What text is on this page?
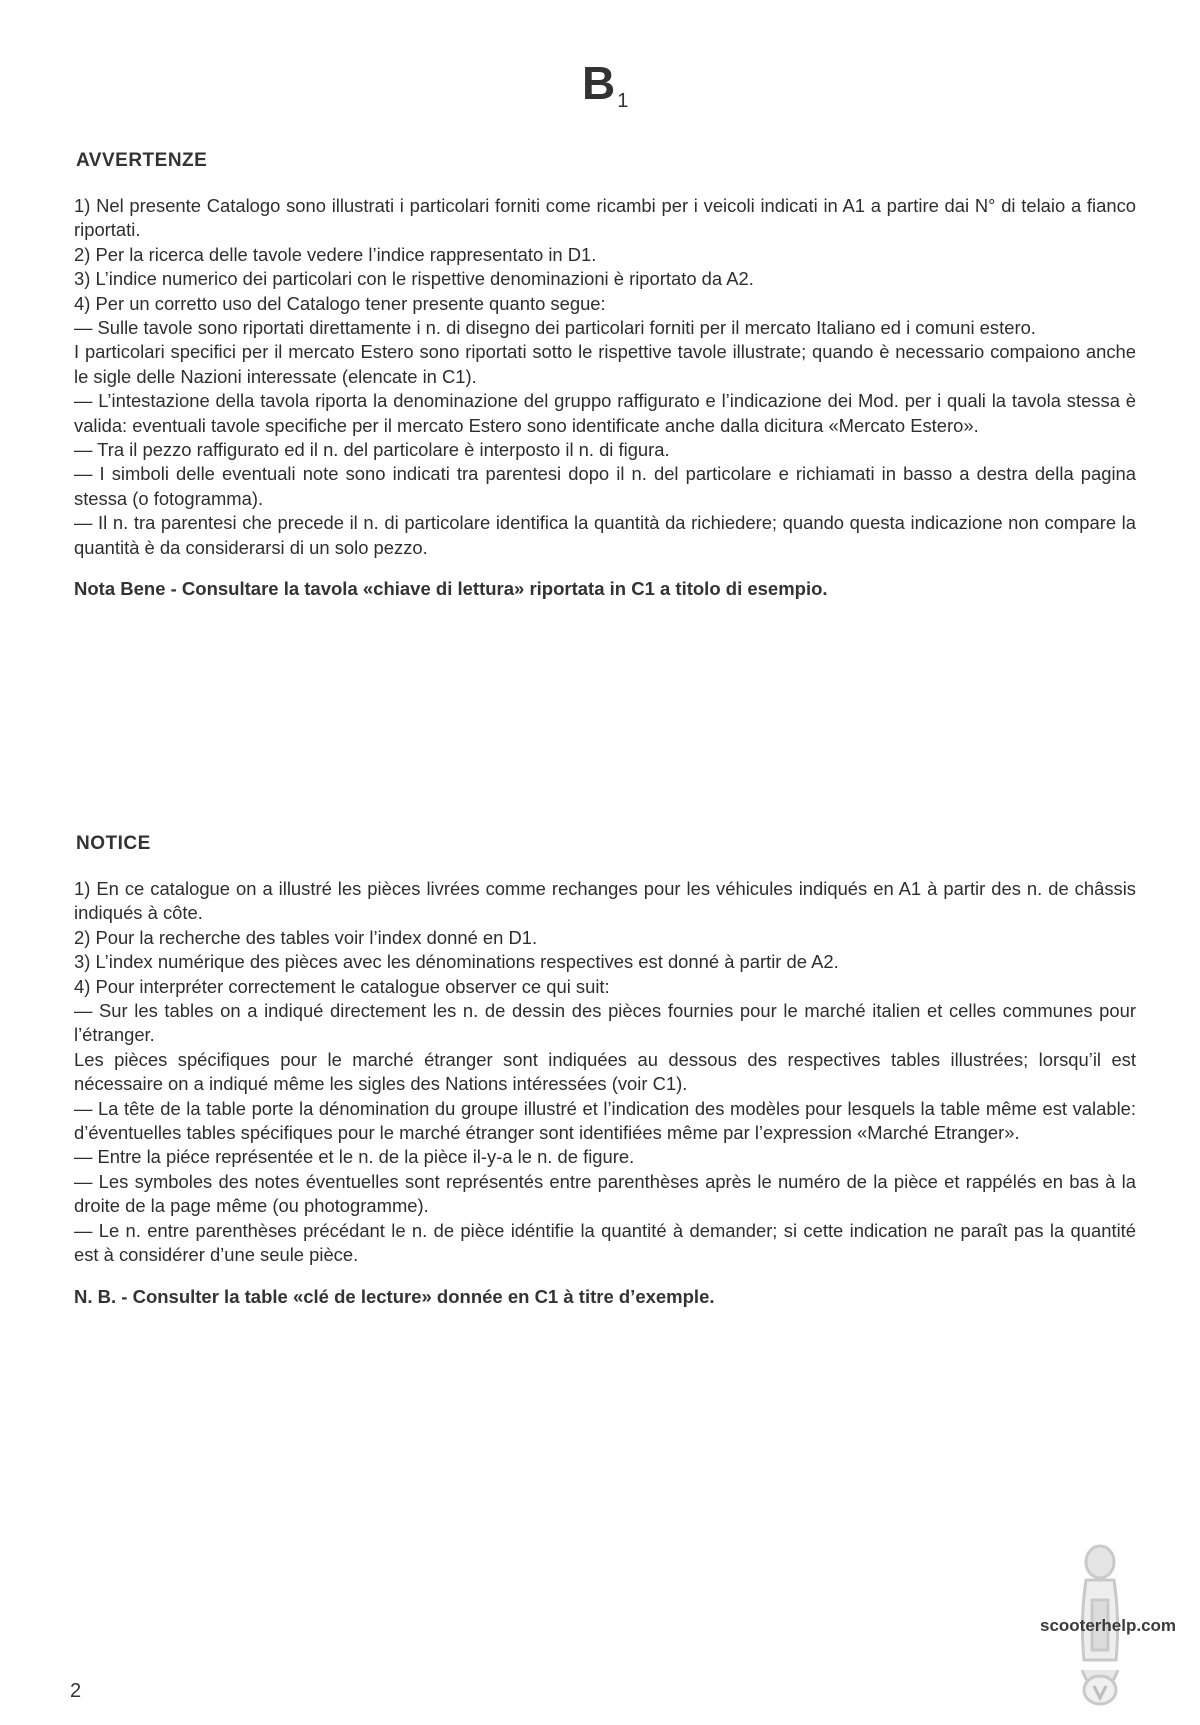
B $_1$
AVVERTENZE

1) Nel presente Catalogo sono illustrati i particolari forniti come ricambi per i veicoli indicati in A1 a partire dai N° di telaio a fianco riportati.

2) Per la ricerca delle tavole vedere l’indice rappresentato in D1.

3) L’indice numerico dei particolari con le rispettive denominazioni è riportato da A2.

4) Per un corretto uso del Catalogo tener presente quanto segue:

— Sulle tavole sono riportati direttamente i n. di disegno dei particolari forniti per il mercato Italiano ed i comuni estero.

I particolari specifici per il mercato Estero sono riportati sotto le rispettive tavole illustrate; quando è necessario compaiono anche le sigle delle Nazioni interessate (elencate in C1).

— L’intestazione della tavola riporta la denominazione del gruppo raffigurato e l’indicazione dei Mod. per i quali la tavola stessa è valida: eventuali tavole specifiche per il mercato Estero sono identificate anche dalla dicitura «Mercato Estero».

— Tra il pezzo raffigurato ed il n. del particolare è interposto il n. di figura.

— I simboli delle eventuali note sono indicati tra parentesi dopo il n. del particolare e richiamati in basso a destra della pagina stessa (o fotogramma).

— Il n. tra parentesi che precede il n. di particolare identifica la quantità da richiedere; quando questa indicazione non compare la quantità è da considerarsi di un solo pezzo.

Nota Bene - Consultare la tavola «chiave di lettura» riportata in C1 a titolo di esempio.

NOTICE

1) En ce catalogue on a illustré les pièces livrées comme rechanges pour les véhicules indiqués en A1 à partir des n. de châssis indiqués à côte.

2) Pour la recherche des tables voir l’index donné en D1.

3) L’index numérique des pièces avec les dénominations respectives est donné à partir de A2.

4) Pour interpréter correctement le catalogue observer ce qui suit:

— Sur les tables on a indiqué directement les n. de dessin des pièces fournies pour le marché italien et celles communes pour l’étranger.

Les pièces spécifiques pour le marché étranger sont indiquées au dessous des respectives tables illustrées; lorsqu’il est nécessaire on a indiqué même les sigles des Nations intéressées (voir C1).

— La tête de la table porte la dénomination du groupe illustré et l’indication des modèles pour lesquels la table même est valable: d’éventuelles tables spécifiques pour le marché étranger sont identifiées même par l’expression «Marché Etranger».

— Entre la piéce représentée et le n. de la pièce il-y-a le n. de figure.

— Les symboles des notes éventuelles sont représentés entre parenthèses après le numéro de la pièce et rappélés en bas à la droite de la page même (ou photogramme).

— Le n. entre parenthèses précédant le n. de pièce idéntifie la quantité à demander; si cette indication ne paraît pas la quantité est à considérer d’une seule pièce.

N. B. - Consulter la table «clé de lecture» donnée en C1 à titre d’exemple.

scooterhelp.com
2
